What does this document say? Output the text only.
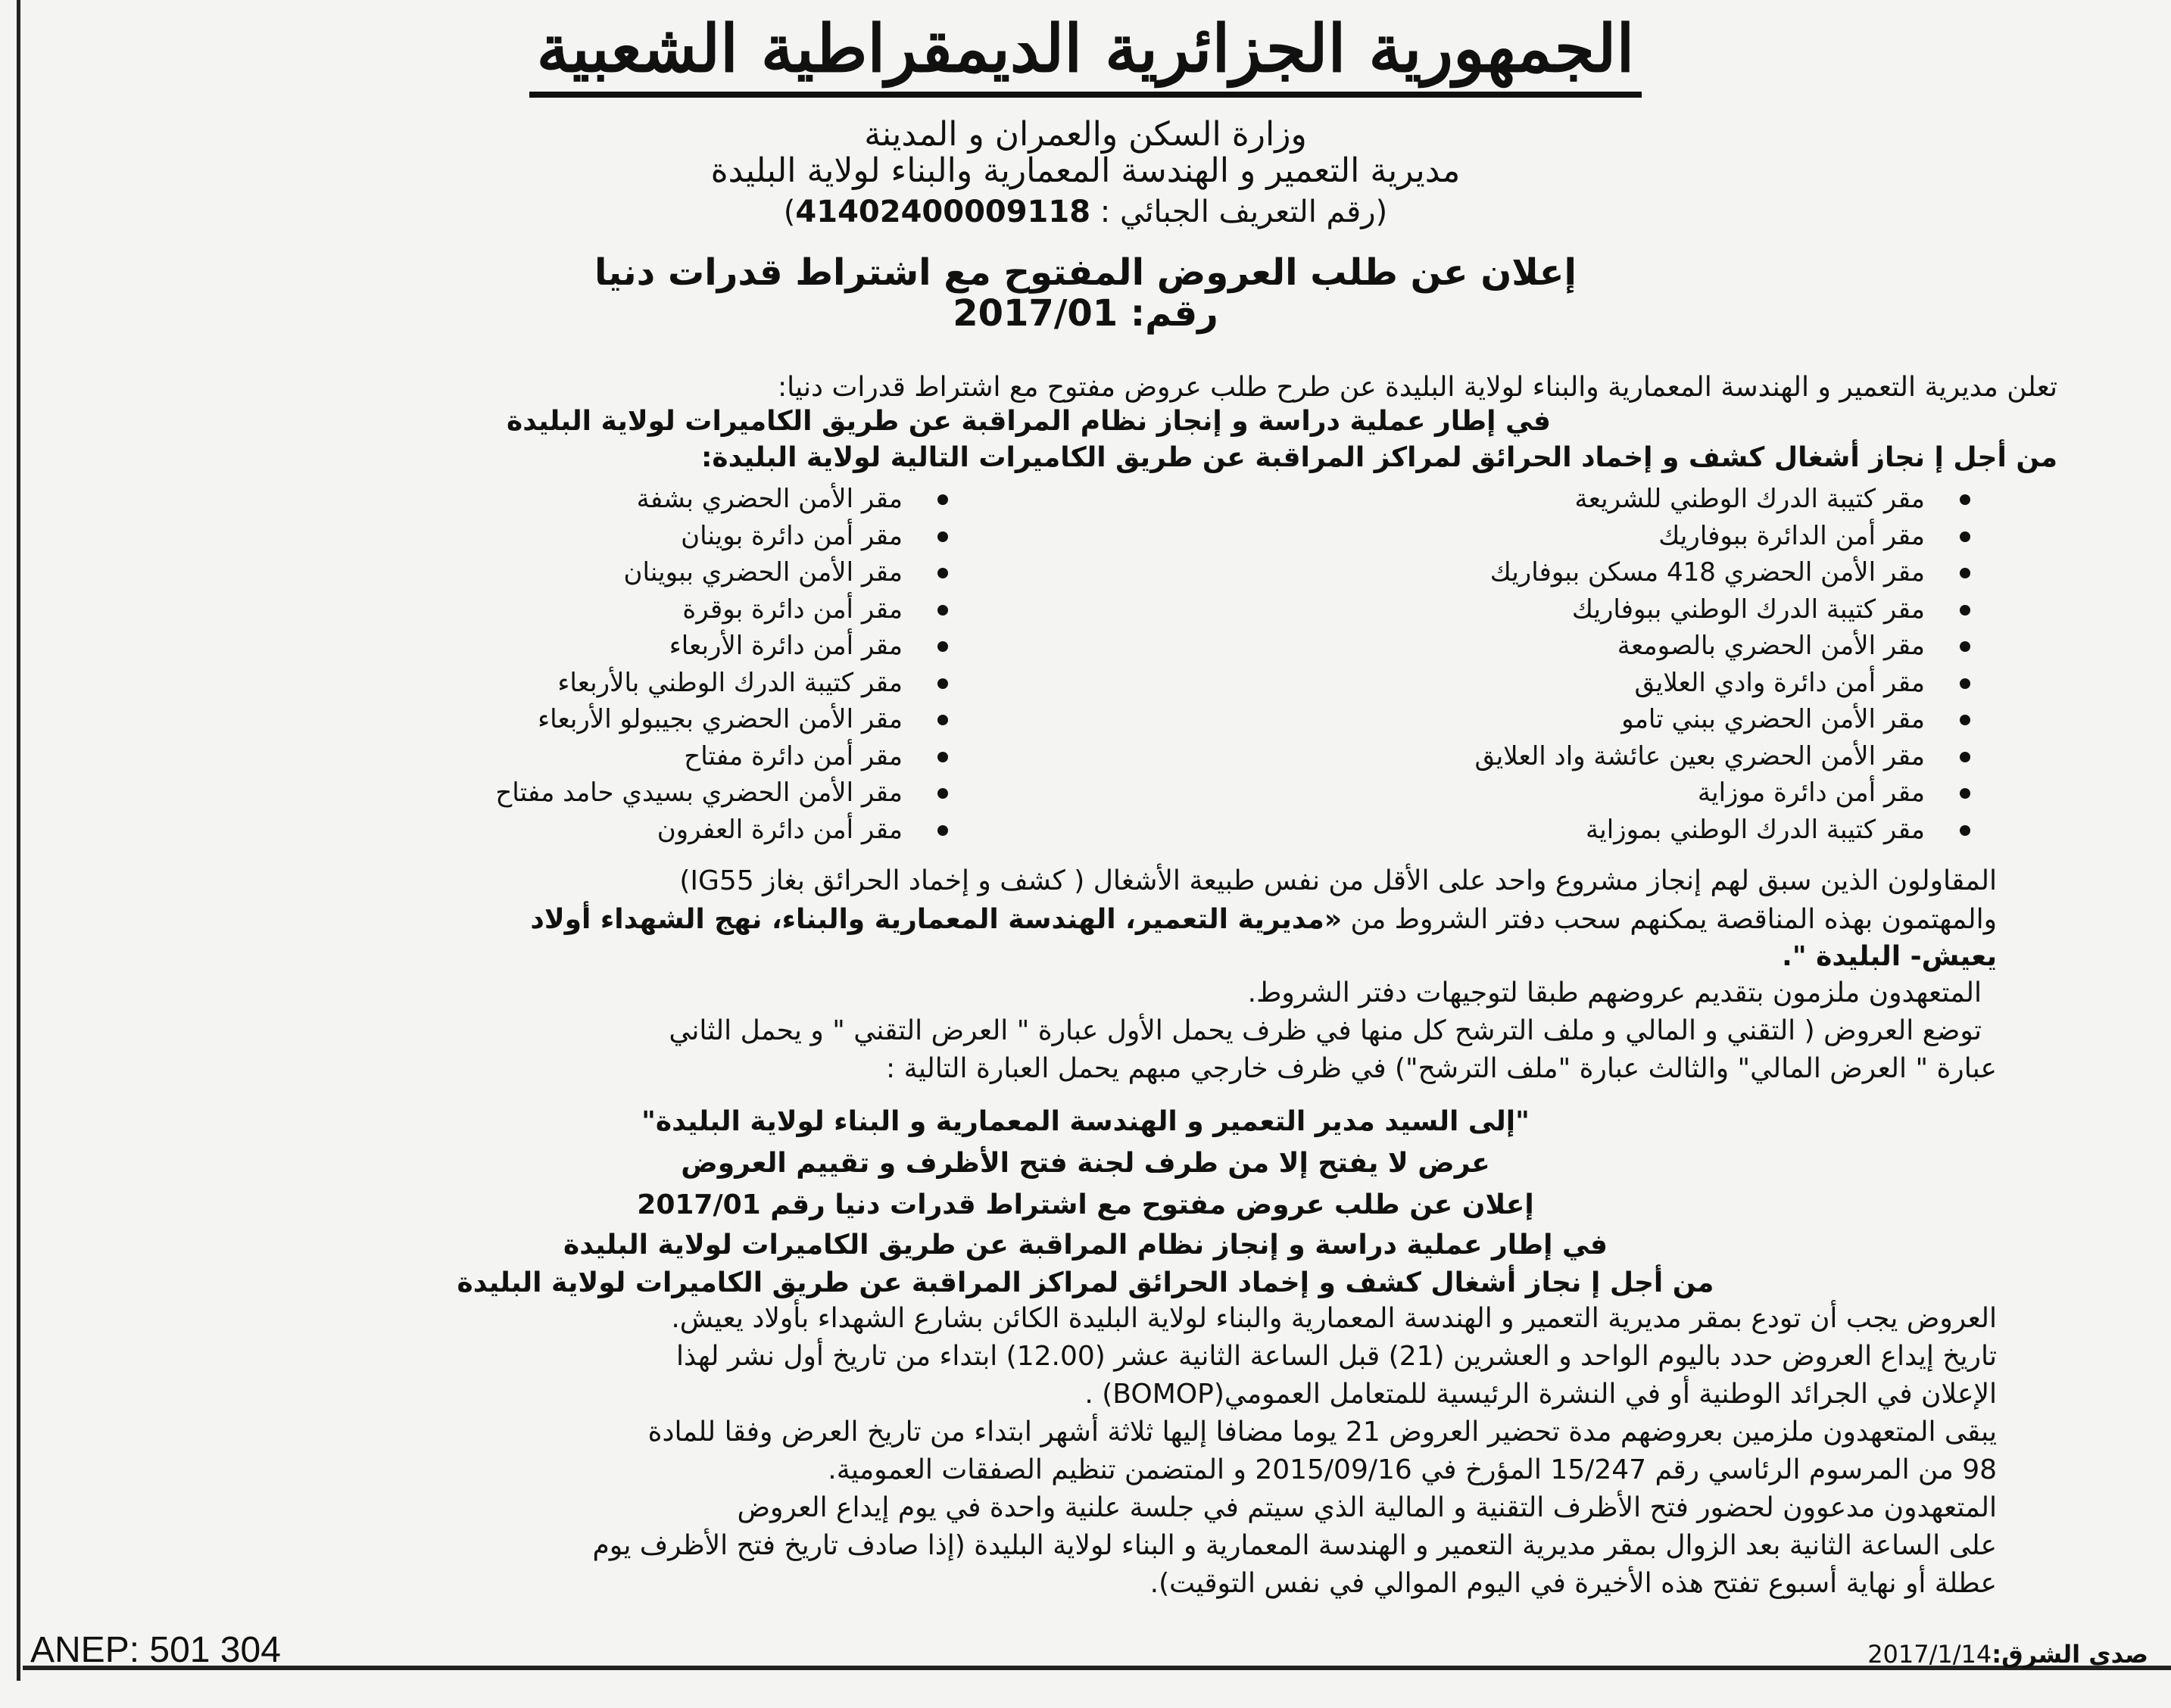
الجمهورية الجزائرية الديمقراطية الشعبية
وزارة السكن والعمران و المدينة
مديرية التعمير و الهندسة المعمارية والبناء لولاية البليدة
(رقم التعريف الجبائي : 41402400009118)
إعلان عن طلب العروض المفتوح مع اشتراط قدرات دنيا
رقم: 2017/01
تعلن مديرية التعمير و الهندسة المعمارية والبناء لولاية البليدة عن طرح طلب عروض مفتوح مع اشتراط قدرات دنيا:
في إطار عملية دراسة و إنجاز نظام المراقبة عن طريق الكاميرات لولاية البليدة
من أجل إ نجاز أشغال كشف و إخماد الحرائق لمراكز المراقبة عن طريق الكاميرات التالية لولاية البليدة:
مقر كتيبة الدرك الوطني للشريعة
مقر أمن الدائرة ببوفاريك
مقر الأمن الحضري 418 مسكن ببوفاريك
مقر كتيبة الدرك الوطني ببوفاريك
مقر الأمن الحضري بالصومعة
مقر أمن دائرة وادي العلايق
مقر الأمن الحضري ببني تامو
مقر الأمن الحضري بعين عائشة واد العلايق
مقر أمن دائرة موزاية
مقر كتيبة الدرك الوطني بموزاية
مقر الأمن الحضري بشفة
مقر أمن دائرة بوينان
مقر الأمن الحضري ببوينان
مقر أمن دائرة بوقرة
مقر أمن دائرة الأربعاء
مقر كتيبة الدرك الوطني بالأربعاء
مقر الأمن الحضري بجيبولو الأربعاء
مقر أمن دائرة مفتاح
مقر الأمن الحضري بسيدي حامد مفتاح
مقر أمن دائرة العفرون
المقاولون الذين سبق لهم إنجاز مشروع واحد على الأقل من نفس طبيعة الأشغال ( كشف و إخماد الحرائق بغاز IG55)
والمهتمون بهذه المناقصة يمكنهم سحب دفتر الشروط من «مديرية التعمير، الهندسة المعمارية والبناء، نهج الشهداء أولاد
يعيش- البليدة ".
المتعهدون ملزمون بتقديم عروضهم طبقا لتوجيهات دفتر الشروط.
توضع العروض ( التقني و المالي و ملف الترشح كل منها في ظرف يحمل الأول عبارة " العرض التقني " و يحمل الثاني
عبارة " العرض المالي" والثالث عبارة "ملف الترشح") في ظرف خارجي مبهم يحمل العبارة التالية :
"إلى السيد مدير التعمير و الهندسة المعمارية و البناء لولاية البليدة"
عرض لا يفتح إلا من طرف لجنة فتح الأظرف و تقييم العروض
إعلان عن طلب عروض مفتوح مع اشتراط قدرات دنيا رقم 2017/01
في إطار عملية دراسة و إنجاز نظام المراقبة عن طريق الكاميرات لولاية البليدة
من أجل إ نجاز أشغال كشف و إخماد الحرائق لمراكز المراقبة عن طريق الكاميرات لولاية البليدة
العروض يجب أن تودع بمقر مديرية التعمير و الهندسة المعمارية والبناء لولاية البليدة الكائن بشارع الشهداء بأولاد يعيش.
تاريخ إيداع العروض حدد باليوم الواحد و العشرين (21) قبل الساعة الثانية عشر (12.00) ابتداء من تاريخ أول نشر لهذا
الإعلان في الجرائد الوطنية أو في النشرة الرئيسية للمتعامل العمومي(BOMOP) .
يبقى المتعهدون ملزمين بعروضهم مدة تحضير العروض 21 يوما مضافا إليها ثلاثة أشهر ابتداء من تاريخ العرض وفقا للمادة
98 من المرسوم الرئاسي رقم 15/247 المؤرخ في 2015/09/16 و المتضمن تنظيم الصفقات العمومية.
المتعهدون مدعوون لحضور فتح الأظرف التقنية و المالية الذي سيتم في جلسة علنية واحدة في يوم إيداع العروض
على الساعة الثانية بعد الزوال بمقر مديرية التعمير و الهندسة المعمارية و البناء لولاية البليدة (إذا صادف تاريخ فتح الأظرف يوم
عطلة أو نهاية أسبوع تفتح هذه الأخيرة في اليوم الموالي في نفس التوقيت).
ANEP: 501 304	صدى الشرق:2017/1/14
